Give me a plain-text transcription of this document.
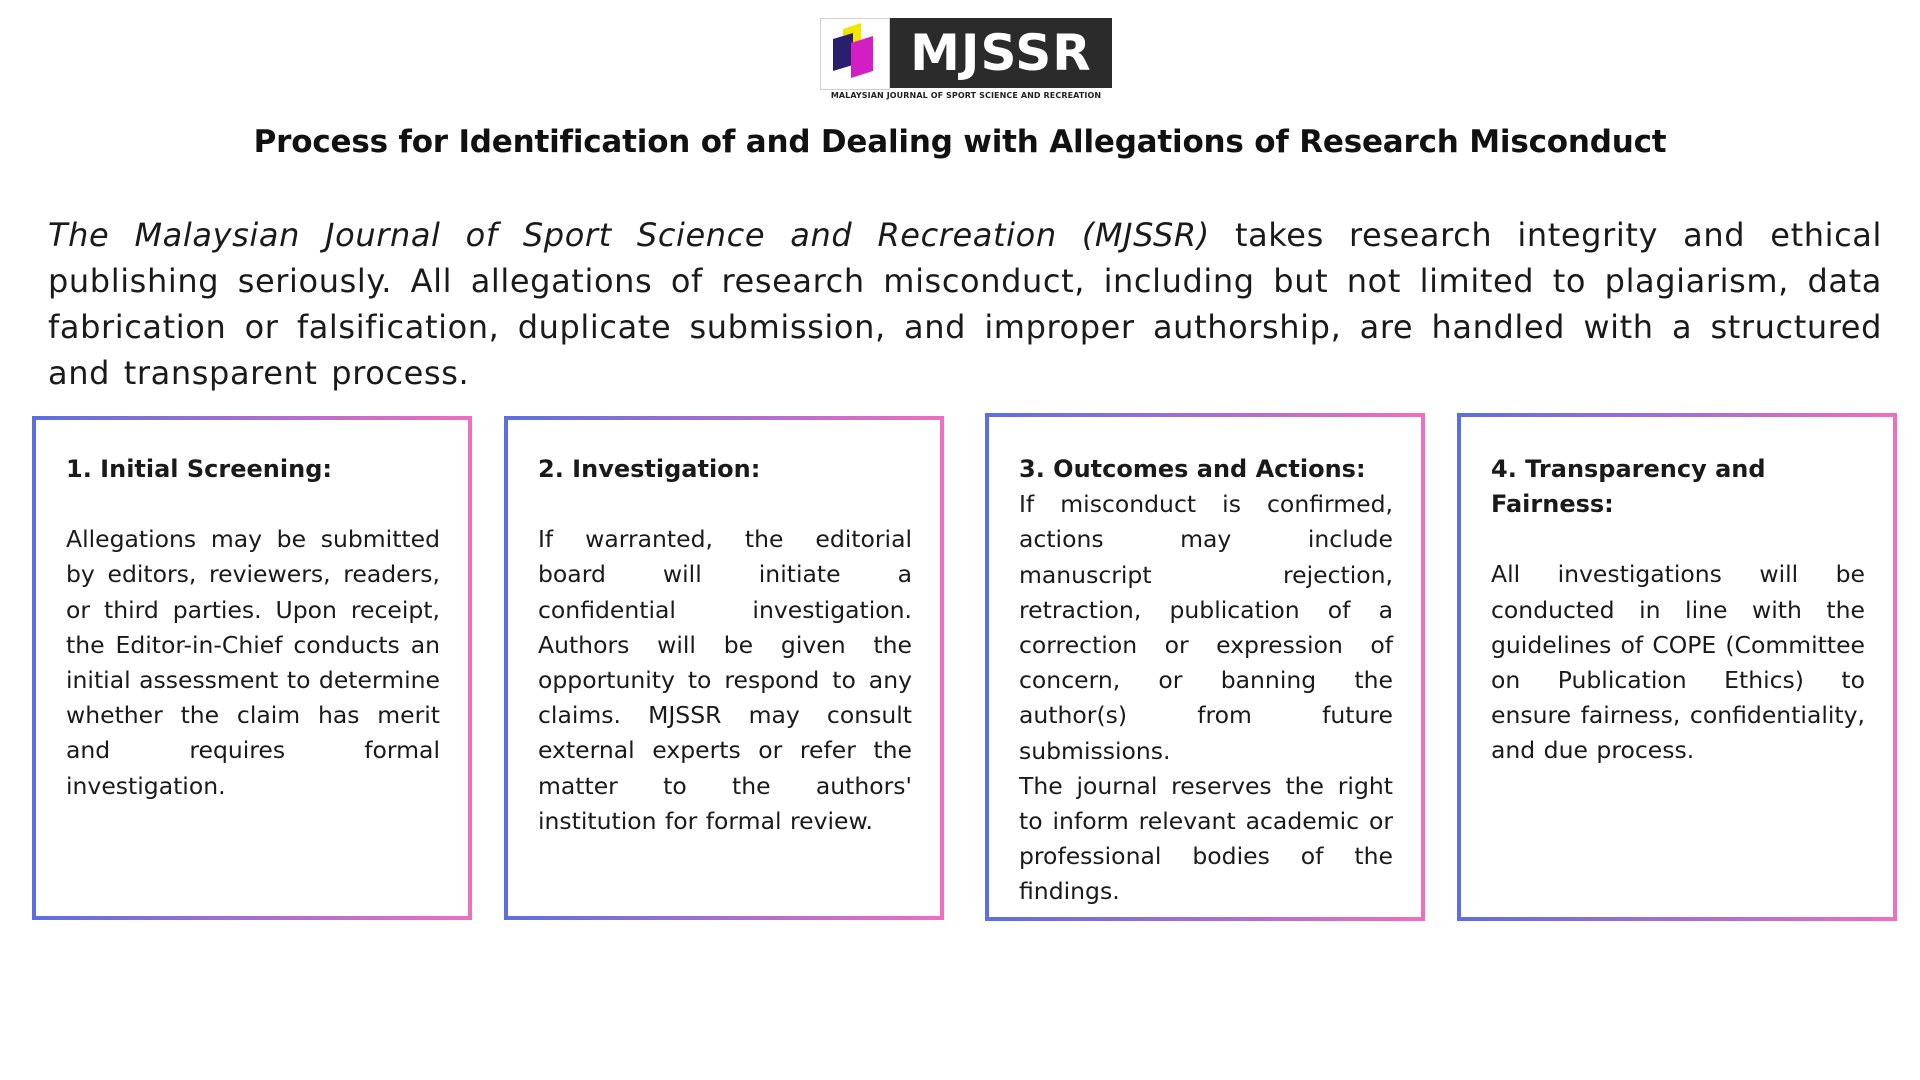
MJSSR
MALAYSIAN JOURNAL OF SPORT SCIENCE AND RECREATION
Process for Identification of and Dealing with Allegations of Research Misconduct

The Malaysian Journal of Sport Science and Recreation (MJSSR) takes research integrity and ethical publishing seriously. All allegations of research misconduct, including but not limited to plagiarism, data fabrication or falsification, duplicate submission, and improper authorship, are handled with a structured and transparent process.

1. Initial Screening:

Allegations may be submitted by editors, reviewers, readers, or third parties. Upon receipt, the Editor-in-Chief conducts an initial assessment to determine whether the claim has merit and requires formal investigation.

2. Investigation:

If warranted, the editorial board will initiate a confidential investigation. Authors will be given the opportunity to respond to any claims. MJSSR may consult external experts or refer the matter to the authors' institution for formal review.

3. Outcomes and Actions:

If misconduct is confirmed, actions may include manuscript rejection, retraction, publication of a correction or expression of concern, or banning the author(s) from future submissions.

The journal reserves the right to inform relevant academic or professional bodies of the findings.

4. Transparency and Fairness:

All investigations will be conducted in line with the guidelines of COPE (Committee on Publication Ethics) to ensure fairness, confidentiality, and due process.
